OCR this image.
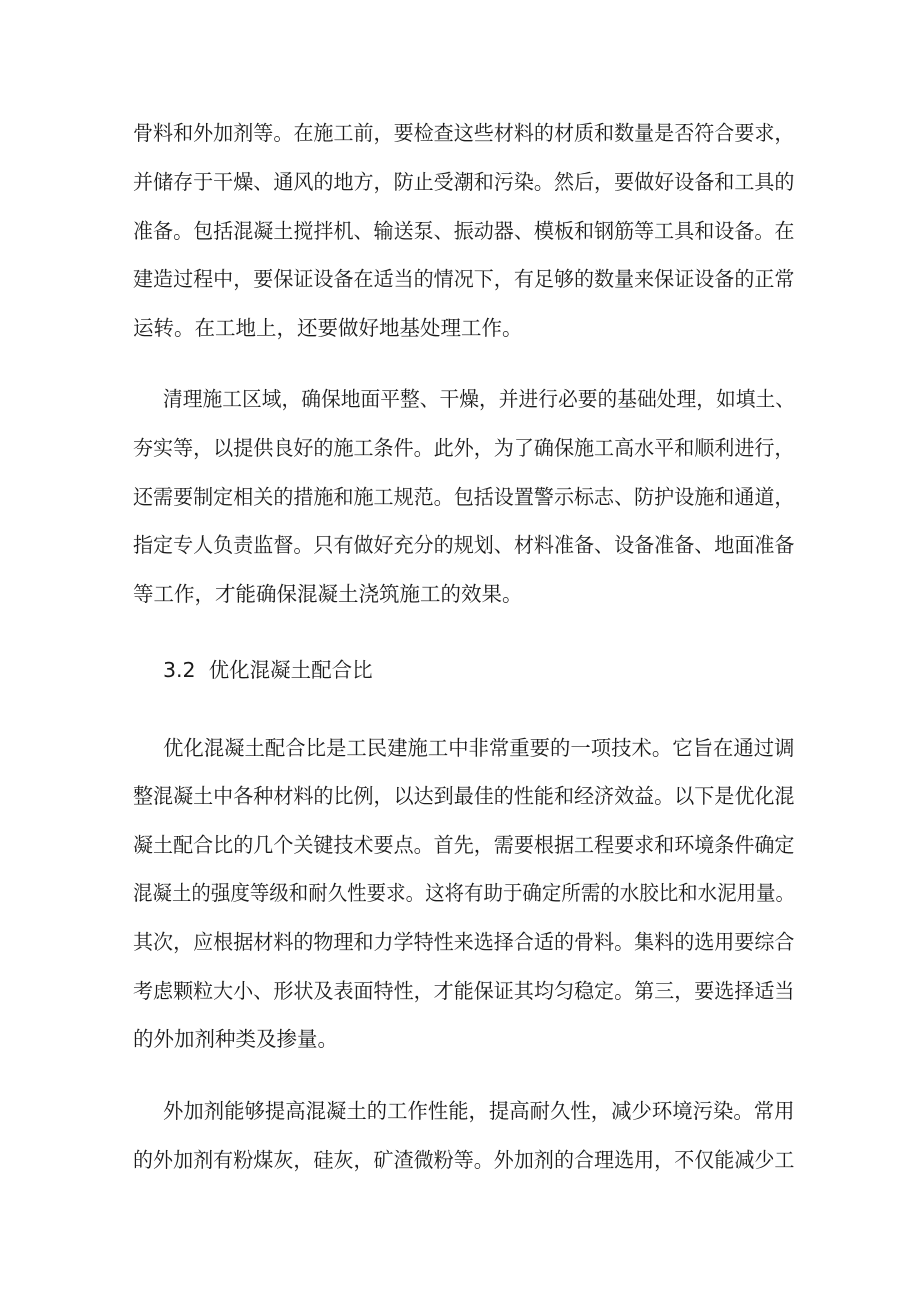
骨料和外加剂等。在施工前，要检查这些材料的材质和数量是否符合要求，
并储存于干燥、通风的地方，防止受潮和污染。然后，要做好设备和工具的
准备。包括混凝土搅拌机、输送泵、振动器、模板和钢筋等工具和设备。在
建造过程中，要保证设备在适当的情况下，有足够的数量来保证设备的正常
运转。在工地上，还要做好地基处理工作。
清理施工区域，确保地面平整、干燥，并进行必要的基础处理，如填土、
夯实等，以提供良好的施工条件。此外，为了确保施工高水平和顺利进行，
还需要制定相关的措施和施工规范。包括设置警示标志、防护设施和通道，
指定专人负责监督。只有做好充分的规划、材料准备、设备准备、地面准备
等工作，才能确保混凝土浇筑施工的效果。
3.2  优化混凝土配合比
优化混凝土配合比是工民建施工中非常重要的一项技术。它旨在通过调
整混凝土中各种材料的比例，以达到最佳的性能和经济效益。以下是优化混
凝土配合比的几个关键技术要点。首先，需要根据工程要求和环境条件确定
混凝土的强度等级和耐久性要求。这将有助于确定所需的水胶比和水泥用量。
其次，应根据材料的物理和力学特性来选择合适的骨料。集料的选用要综合
考虑颗粒大小、形状及表面特性，才能保证其均匀稳定。第三，要选择适当
的外加剂种类及掺量。
外加剂能够提高混凝土的工作性能，提高耐久性，减少环境污染。常用
的外加剂有粉煤灰，硅灰，矿渣微粉等。外加剂的合理选用，不仅能减少工
